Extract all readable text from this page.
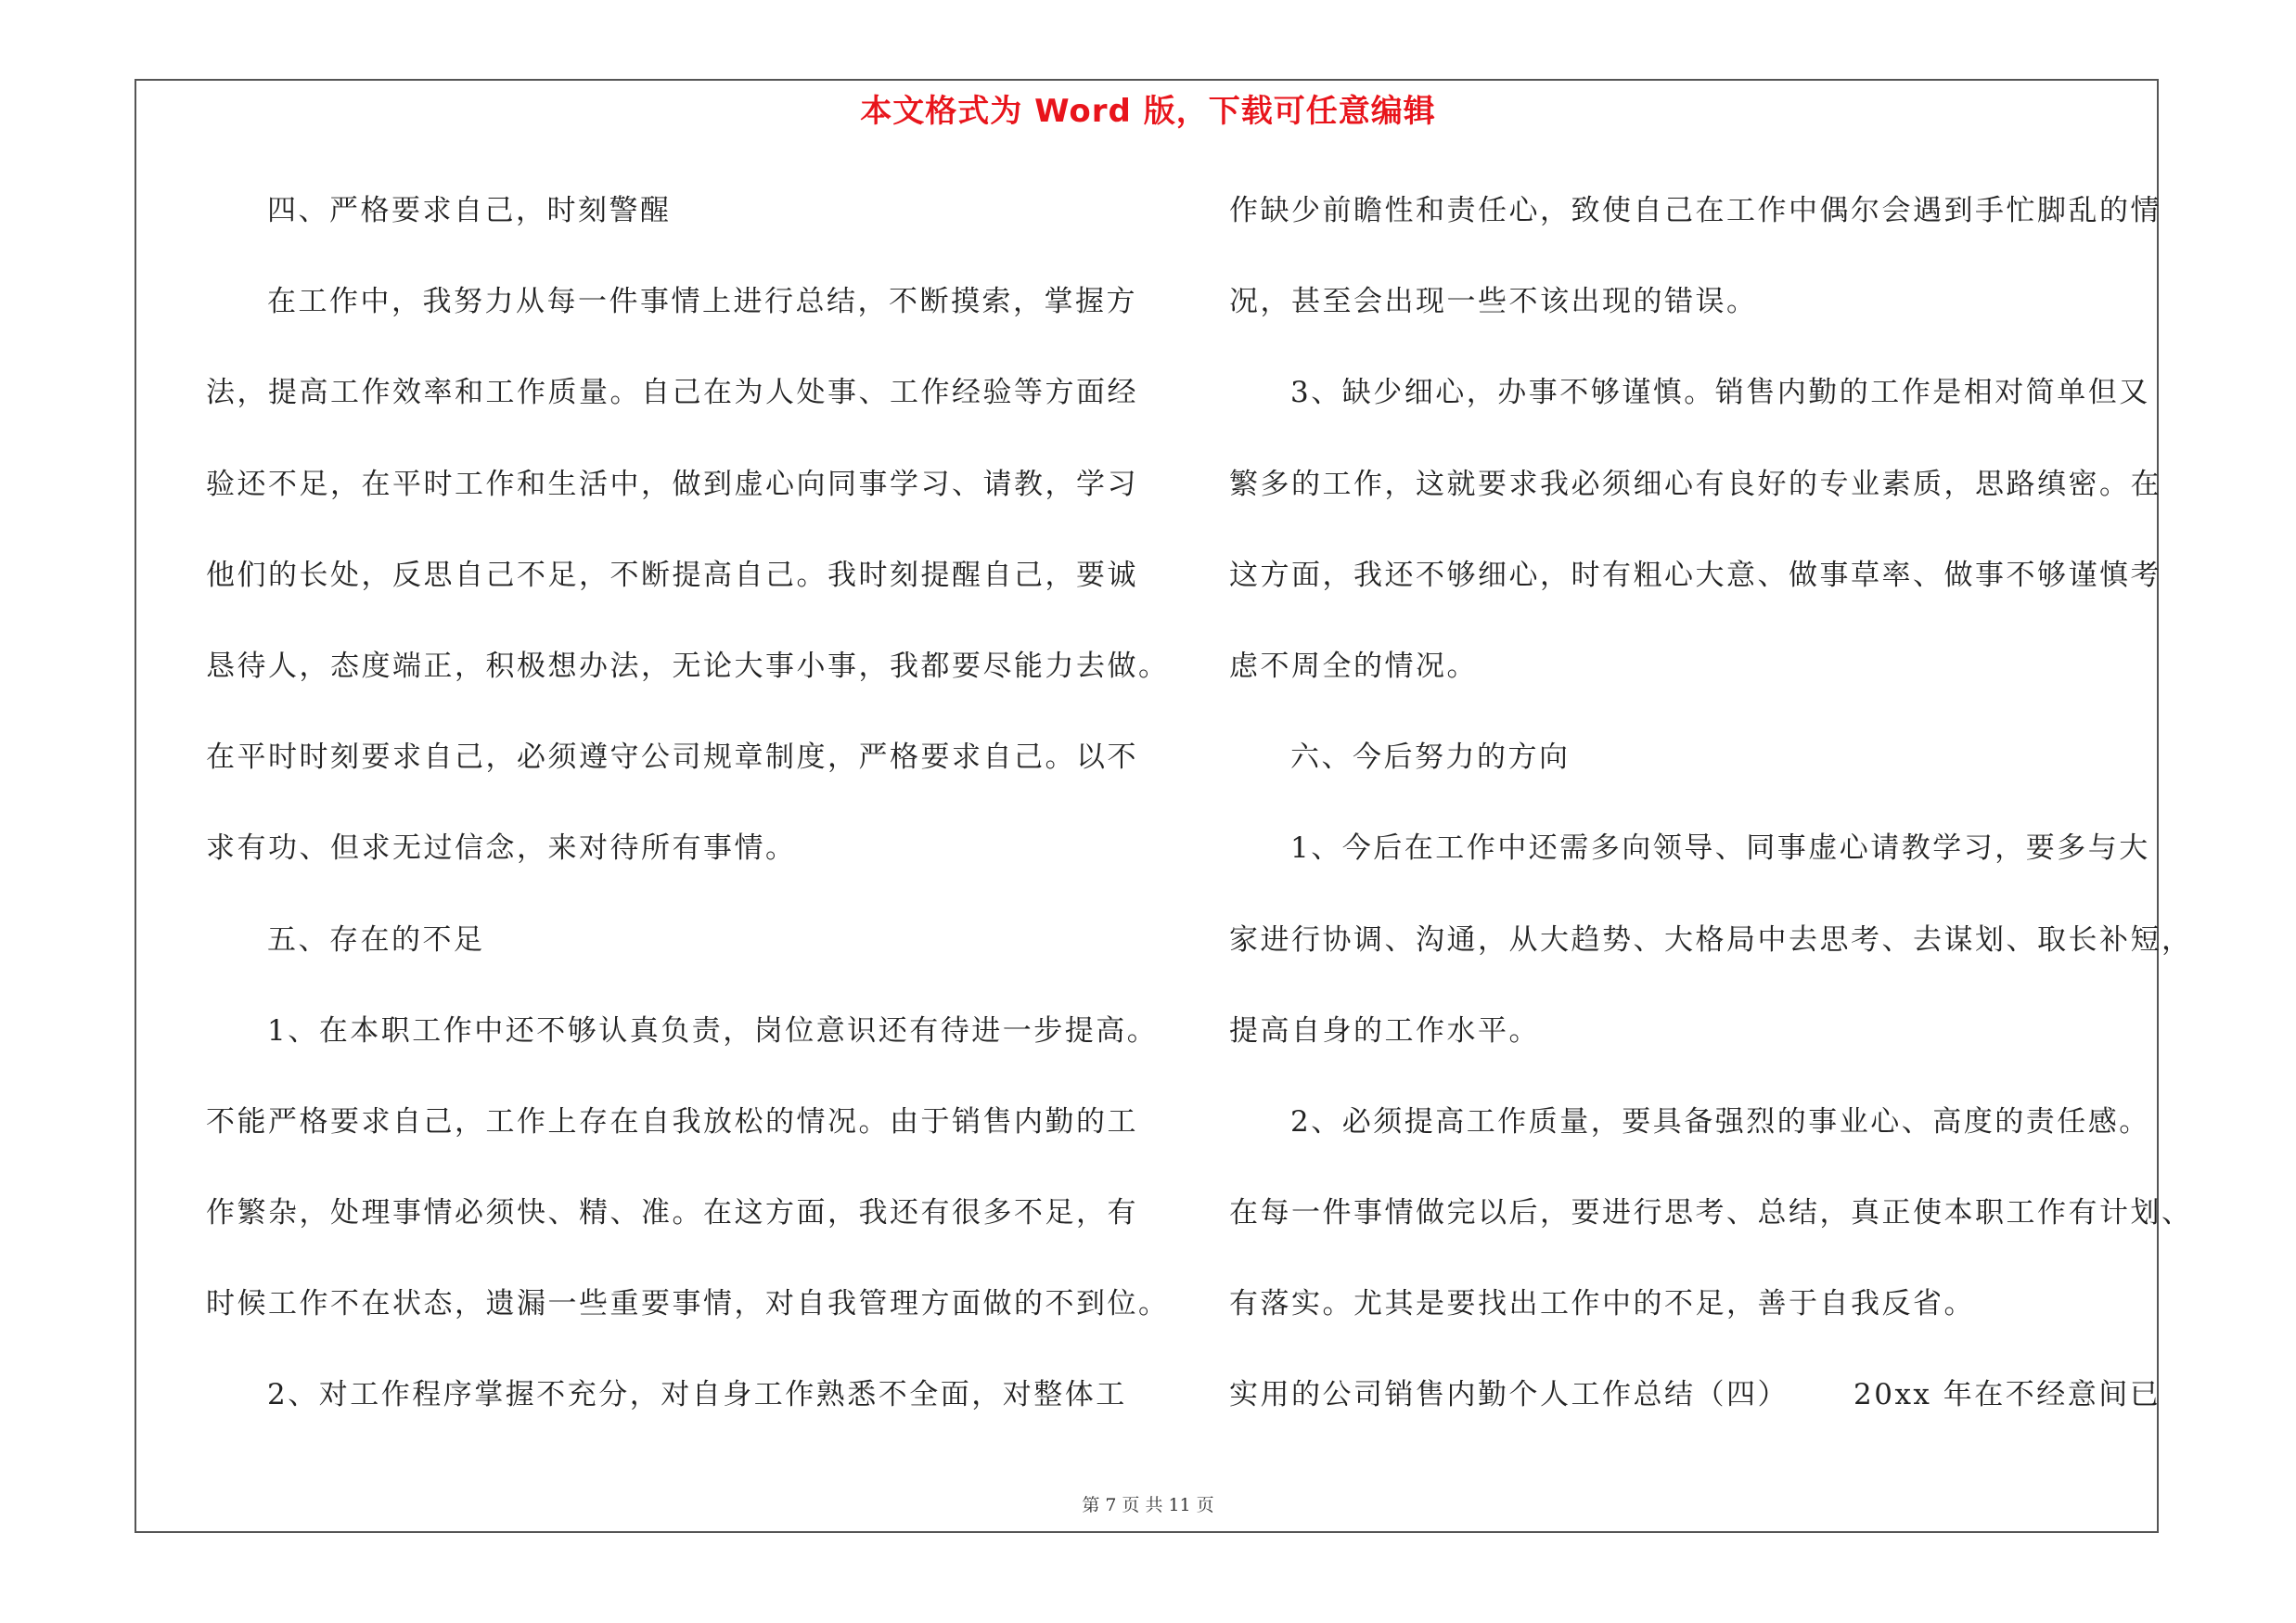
本文格式为 Word 版，下载可任意编辑
四、严格要求自己，时刻警醒
在工作中，我努力从每一件事情上进行总结，不断摸索，掌握方
法，提高工作效率和工作质量。自己在为人处事、工作经验等方面经
验还不足，在平时工作和生活中，做到虚心向同事学习、请教，学习
他们的长处，反思自己不足，不断提高自己。我时刻提醒自己，要诚
恳待人，态度端正，积极想办法，无论大事小事，我都要尽能力去做。
在平时时刻要求自己，必须遵守公司规章制度，严格要求自己。以不
求有功、但求无过信念，来对待所有事情。
五、存在的不足
1、在本职工作中还不够认真负责，岗位意识还有待进一步提高。
不能严格要求自己，工作上存在自我放松的情况。由于销售内勤的工
作繁杂，处理事情必须快、精、准。在这方面，我还有很多不足，有
时候工作不在状态，遗漏一些重要事情，对自我管理方面做的不到位。
2、对工作程序掌握不充分，对自身工作熟悉不全面，对整体工
作缺少前瞻性和责任心，致使自己在工作中偶尔会遇到手忙脚乱的情
况，甚至会出现一些不该出现的错误。
3、缺少细心，办事不够谨慎。销售内勤的工作是相对简单但又
繁多的工作，这就要求我必须细心有良好的专业素质，思路缜密。在
这方面，我还不够细心，时有粗心大意、做事草率、做事不够谨慎考
虑不周全的情况。
六、今后努力的方向
1、今后在工作中还需多向领导、同事虚心请教学习，要多与大
家进行协调、沟通，从大趋势、大格局中去思考、去谋划、取长补短，
提高自身的工作水平。
2、必须提高工作质量，要具备强烈的事业心、高度的责任感。
在每一件事情做完以后，要进行思考、总结，真正使本职工作有计划、
有落实。尤其是要找出工作中的不足，善于自我反省。
实用的公司销售内勤个人工作总结（四） 20xx 年在不经意间已
第 7 页 共 11 页
